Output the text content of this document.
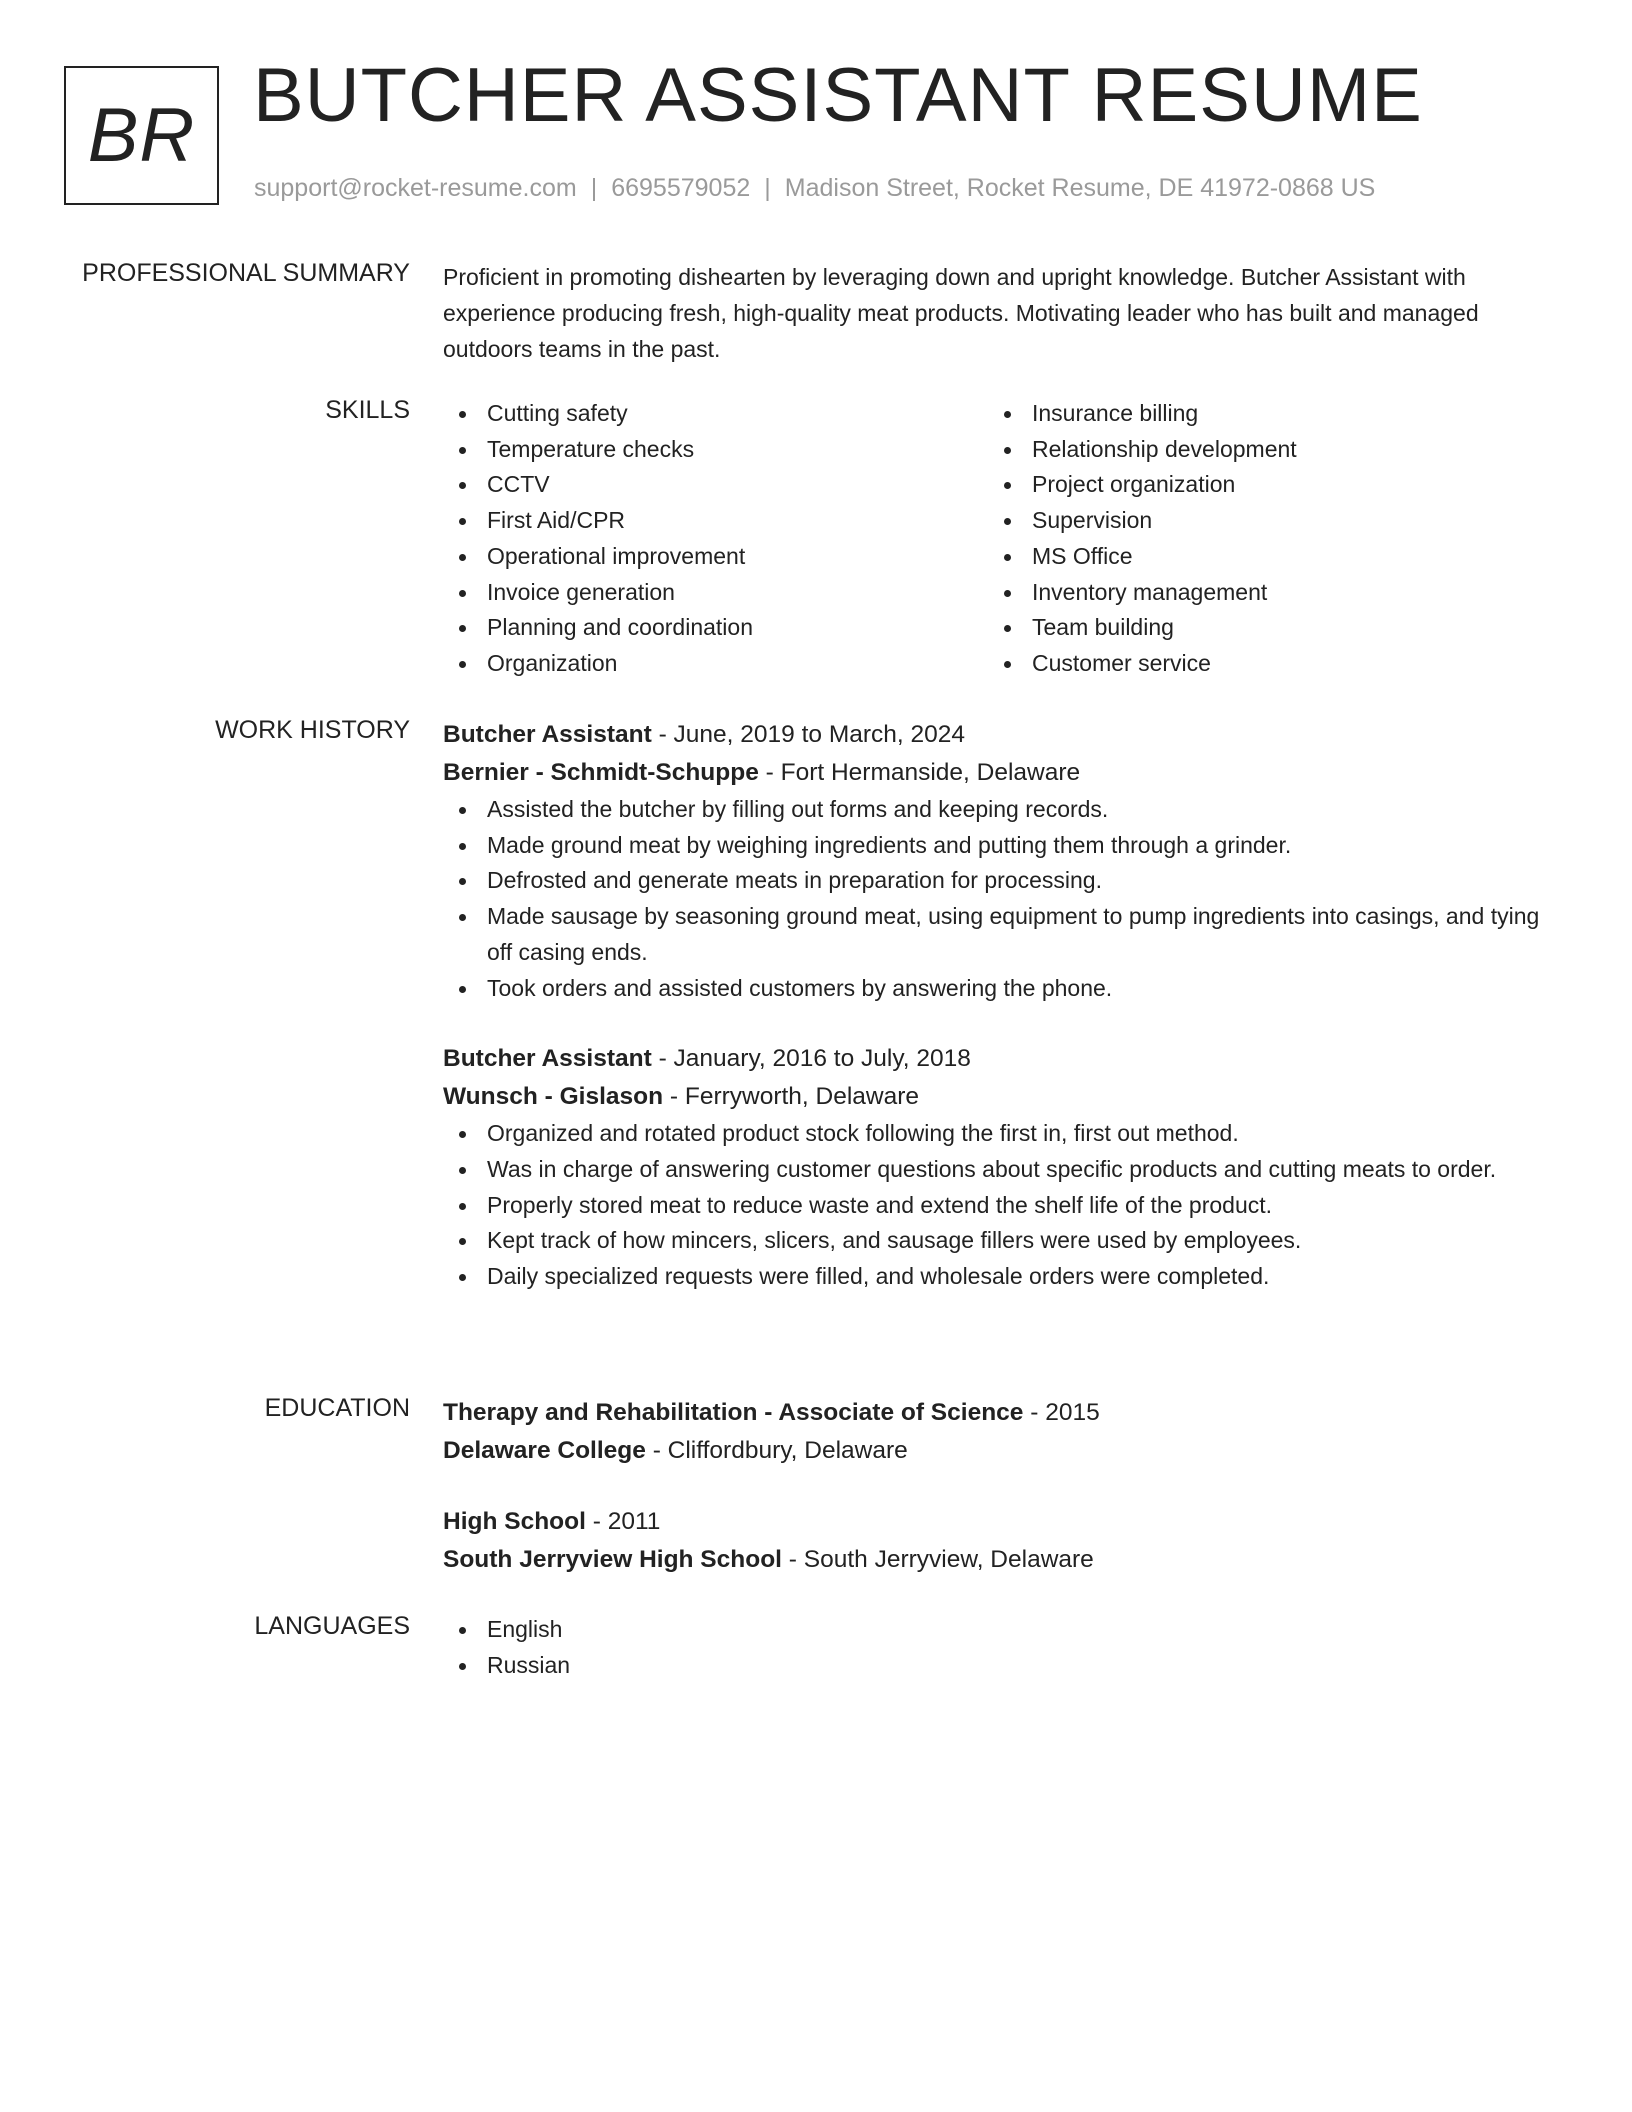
BR BUTCHER ASSISTANT RESUME
support@rocket-resume.com | 6695579052 | Madison Street, Rocket Resume, DE 41972-0868 US
PROFESSIONAL SUMMARY Proficient in promoting dishearten by leveraging down and upright knowledge. Butcher Assistant with experience producing fresh, high-quality meat products. Motivating leader who has built and managed outdoors teams in the past.

SKILLS	Cutting safety
Temperature checks
CCTV
First Aid/CPR
Operational improvement
Invoice generation
Planning and coordination
Organization
Insurance billing
Relationship development
Project organization
Supervision
MS Office
Inventory management
Team building
Customer service
WORK HISTORY Butcher Assistant - June, 2019 to March, 2024
Bernier - Schmidt-Schuppe - Fort Hermanside, Delaware
Assisted the butcher by filling out forms and keeping records.
Made ground meat by weighing ingredients and putting them through a grinder.
Defrosted and generate meats in preparation for processing.
Made sausage by seasoning ground meat, using equipment to pump ingredients into casings, and tying off casing ends.
Took orders and assisted customers by answering the phone.
Butcher Assistant - January, 2016 to July, 2018
Wunsch - Gislason - Ferryworth, Delaware
Organized and rotated product stock following the first in, first out method.
Was in charge of answering customer questions about specific products and cutting meats to order.
Properly stored meat to reduce waste and extend the shelf life of the product.
Kept track of how mincers, slicers, and sausage fillers were used by employees.
Daily specialized requests were filled, and wholesale orders were completed.
EDUCATION Therapy and Rehabilitation - Associate of Science - 2015
Delaware College - Cliffordbury, Delaware
High School - 2011
South Jerryview High School - South Jerryview, Delaware
LANGUAGES	English
Russian
